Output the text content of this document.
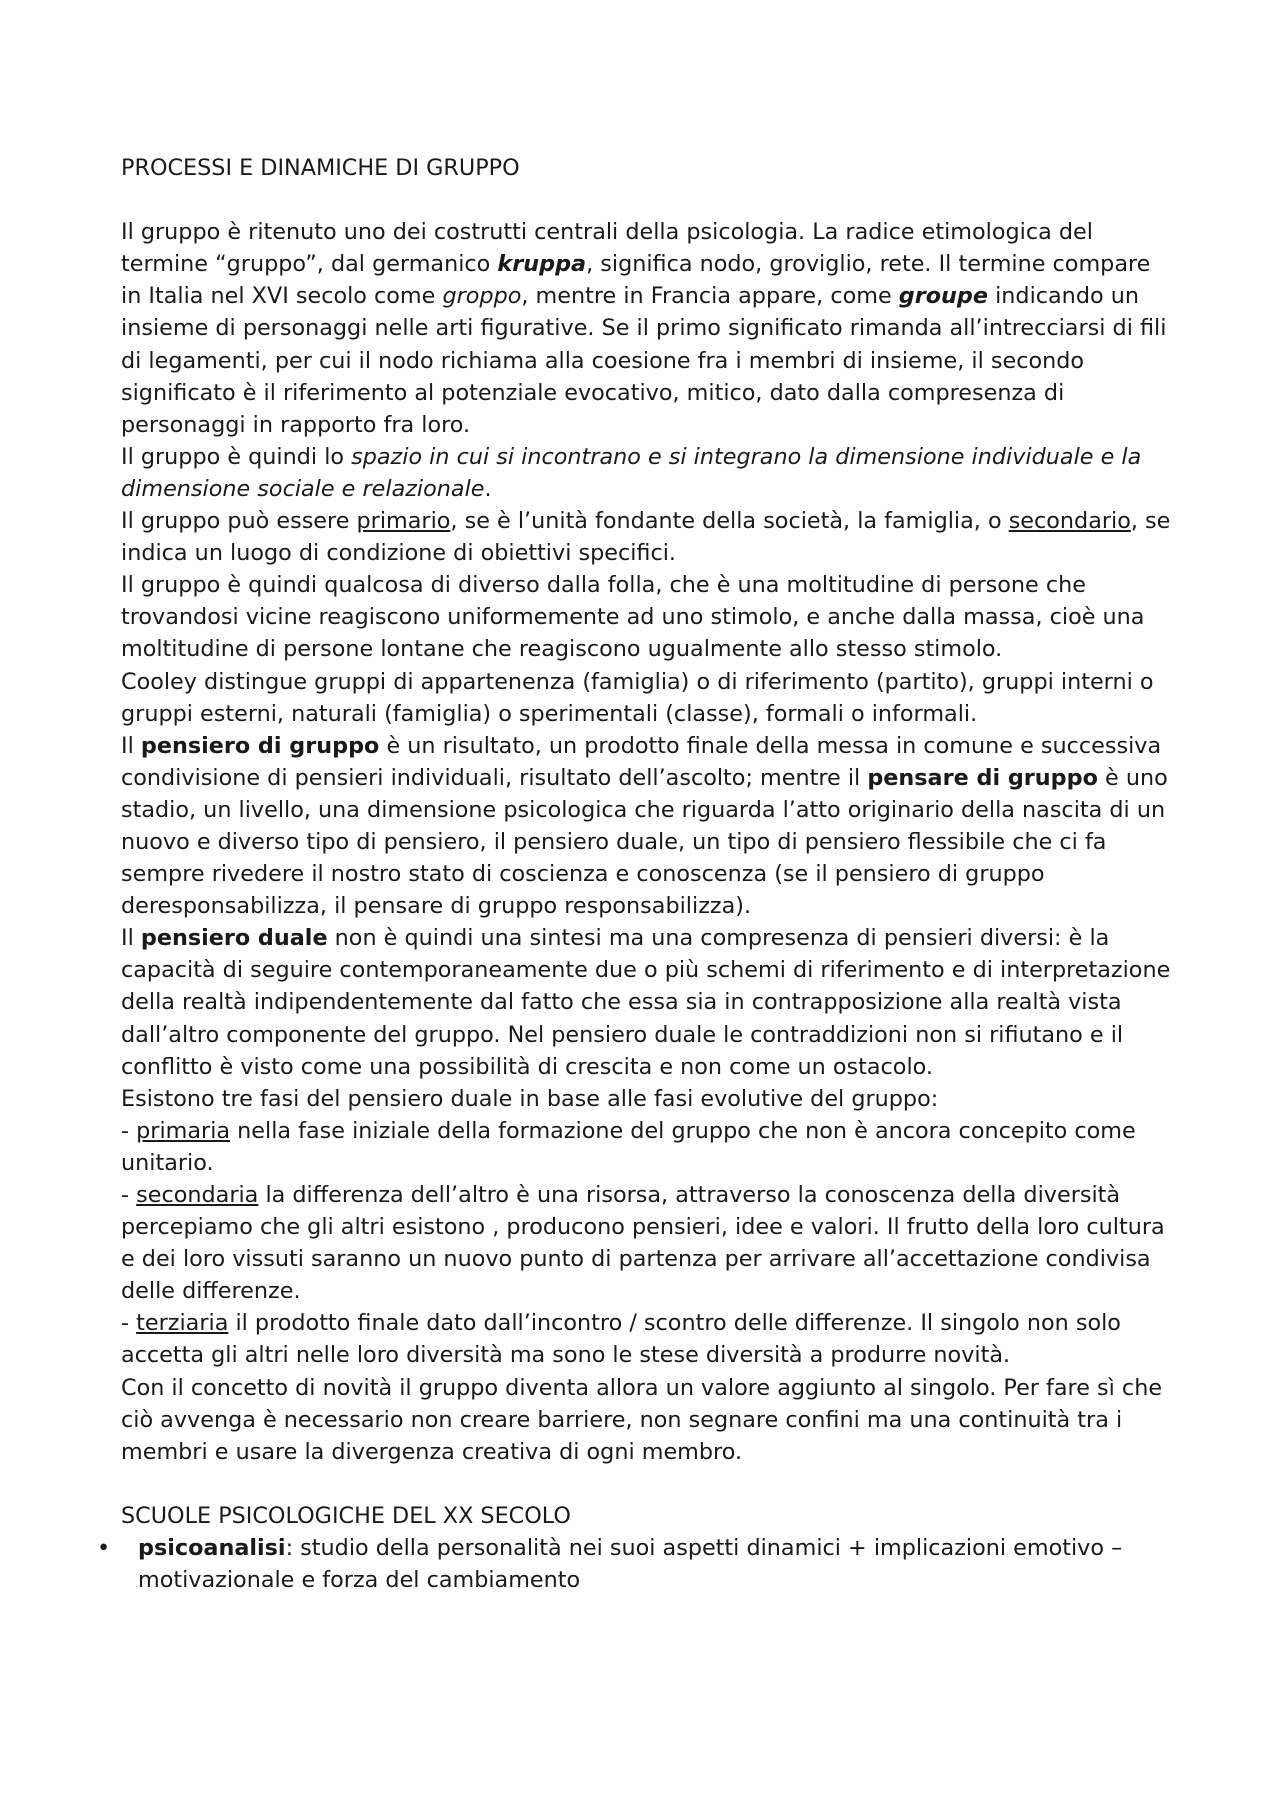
PROCESSI E DINAMICHE DI GRUPPO

Il gruppo è ritenuto uno dei costrutti centrali della psicologia. La radice etimologica del termine “gruppo”, dal germanico kruppa, significa nodo, groviglio, rete. Il termine compare in Italia nel XVI secolo come groppo, mentre in Francia appare, come groupe indicando un insieme di personaggi nelle arti figurative. Se il primo significato rimanda all’intrecciarsi di fili di legamenti, per cui il nodo richiama alla coesione fra i membri di insieme, il secondo significato è il riferimento al potenziale evocativo, mitico, dato dalla compresenza di personaggi in rapporto fra loro.

Il gruppo è quindi lo spazio in cui si incontrano e si integrano la dimensione individuale e la dimensione sociale e relazionale.

Il gruppo può essere primario, se è l’unità fondante della società, la famiglia, o secondario, se indica un luogo di condizione di obiettivi specifici.

Il gruppo è quindi qualcosa di diverso dalla folla, che è una moltitudine di persone che trovandosi vicine reagiscono uniformemente ad uno stimolo, e anche dalla massa, cioè una moltitudine di persone lontane che reagiscono ugualmente allo stesso stimolo.

Cooley distingue gruppi di appartenenza (famiglia) o di riferimento (partito), gruppi interni o gruppi esterni, naturali (famiglia) o sperimentali (classe), formali o informali.

Il pensiero di gruppo è un risultato, un prodotto finale della messa in comune e successiva condivisione di pensieri individuali, risultato dell’ascolto; mentre il pensare di gruppo è uno stadio, un livello, una dimensione psicologica che riguarda l’atto originario della nascita di un nuovo e diverso tipo di pensiero, il pensiero duale, un tipo di pensiero flessibile che ci fa sempre rivedere il nostro stato di coscienza e conoscenza (se il pensiero di gruppo deresponsabilizza, il pensare di gruppo responsabilizza).

Il pensiero duale non è quindi una sintesi ma una compresenza di pensieri diversi: è la capacità di seguire contemporaneamente due o più schemi di riferimento e di interpretazione della realtà indipendentemente dal fatto che essa sia in contrapposizione alla realtà vista dall’altro componente del gruppo. Nel pensiero duale le contraddizioni non si rifiutano e il conflitto è visto come una possibilità di crescita e non come un ostacolo.

Esistono tre fasi del pensiero duale in base alle fasi evolutive del gruppo:

- primaria nella fase iniziale della formazione del gruppo che non è ancora concepito come unitario.

- secondaria la differenza dell’altro è una risorsa, attraverso la conoscenza della diversità percepiamo che gli altri esistono , producono pensieri, idee e valori. Il frutto della loro cultura e dei loro vissuti saranno un nuovo punto di partenza per arrivare all’accettazione condivisa delle differenze.

- terziaria il prodotto finale dato dall’incontro / scontro delle differenze. Il singolo non solo accetta gli altri nelle loro diversità ma sono le stese diversità a produrre novità.

Con il concetto di novità il gruppo diventa allora un valore aggiunto al singolo. Per fare sì che ciò avvenga è necessario non creare barriere, non segnare confini ma una continuità tra i membri e usare la divergenza creativa di ogni membro.

SCUOLE PSICOLOGICHE DEL XX SECOLO

• psicoanalisi: studio della personalità nei suoi aspetti dinamici + implicazioni emotivo – motivazionale e forza del cambiamento
